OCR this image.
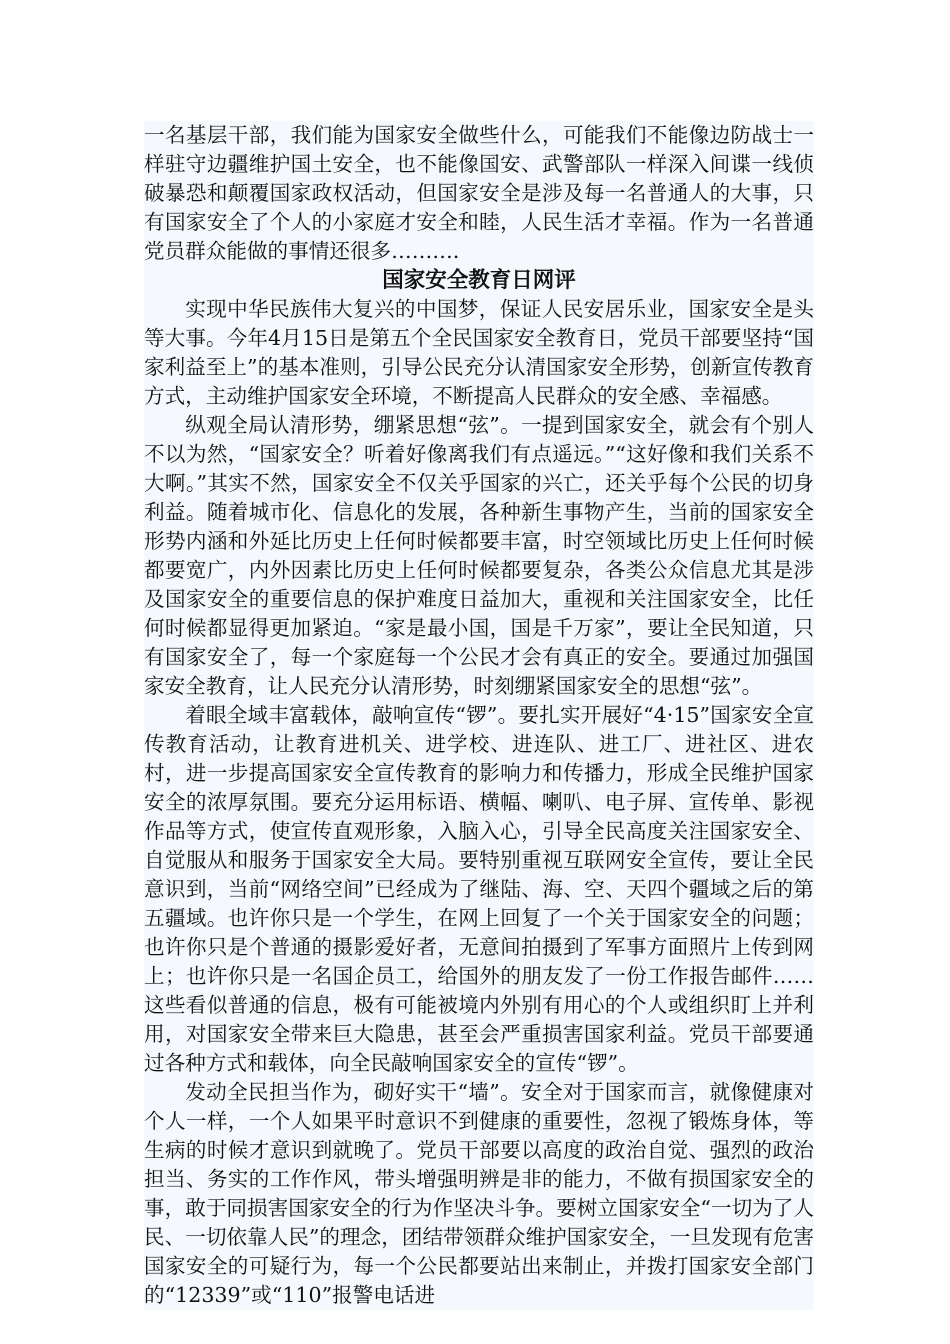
一名基层干部，我们能为国家安全做些什么，可能我们不能像边防战士一样驻守边疆维护国土安全，也不能像国安、武警部队一样深入间谍一线侦破暴恐和颠覆国家政权活动，但国家安全是涉及每一名普通人的大事，只有国家安全了个人的小家庭才安全和睦，人民生活才幸福。作为一名普通党员群众能做的事情还很多………．

国家安全教育日网评

实现中华民族伟大复兴的中国梦，保证人民安居乐业，国家安全是头等大事。今年4月15日是第五个全民国家安全教育日，党员干部要坚持“国家利益至上”的基本准则，引导公民充分认清国家安全形势，创新宣传教育方式，主动维护国家安全环境，不断提高人民群众的安全感、幸福感。

纵观全局认清形势，绷紧思想“弦”。一提到国家安全，就会有个别人不以为然，“国家安全？听着好像离我们有点遥远。”“这好像和我们关系不大啊。”其实不然，国家安全不仅关乎国家的兴亡，还关乎每个公民的切身利益。随着城市化、信息化的发展，各种新生事物产生，当前的国家安全形势内涵和外延比历史上任何时候都要丰富，时空领域比历史上任何时候都要宽广，内外因素比历史上任何时候都要复杂，各类公众信息尤其是涉及国家安全的重要信息的保护难度日益加大，重视和关注国家安全，比任何时候都显得更加紧迫。“家是最小国，国是千万家”，要让全民知道，只有国家安全了，每一个家庭每一个公民才会有真正的安全。要通过加强国家安全教育，让人民充分认清形势，时刻绷紧国家安全的思想“弦”。

着眼全域丰富载体，敲响宣传“锣”。要扎实开展好“4·15”国家安全宣传教育活动，让教育进机关、进学校、进连队、进工厂、进社区、进农村，进一步提高国家安全宣传教育的影响力和传播力，形成全民维护国家安全的浓厚氛围。要充分运用标语、横幅、喇叭、电子屏、宣传单、影视作品等方式，使宣传直观形象，入脑入心，引导全民高度关注国家安全、自觉服从和服务于国家安全大局。要特别重视互联网安全宣传，要让全民意识到，当前“网络空间”已经成为了继陆、海、空、天四个疆域之后的第五疆域。也许你只是一个学生，在网上回复了一个关于国家安全的问题；也许你只是个普通的摄影爱好者，无意间拍摄到了军事方面照片上传到网上；也许你只是一名国企员工，给国外的朋友发了一份工作报告邮件……这些看似普通的信息，极有可能被境内外别有用心的个人或组织盯上并利用，对国家安全带来巨大隐患，甚至会严重损害国家利益。党员干部要通过各种方式和载体，向全民敲响国家安全的宣传“锣”。

发动全民担当作为，砌好实干“墙”。安全对于国家而言，就像健康对个人一样，一个人如果平时意识不到健康的重要性，忽视了锻炼身体，等生病的时候才意识到就晚了。党员干部要以高度的政治自觉、强烈的政治担当、务实的工作作风，带头增强明辨是非的能力，不做有损国家安全的事，敢于同损害国家安全的行为作坚决斗争。要树立国家安全“一切为了人民、一切依靠人民”的理念，团结带领群众维护国家安全，一旦发现有危害国家安全的可疑行为，每一个公民都要站出来制止，并拨打国家安全部门的“12339”或“110”报警电话进
